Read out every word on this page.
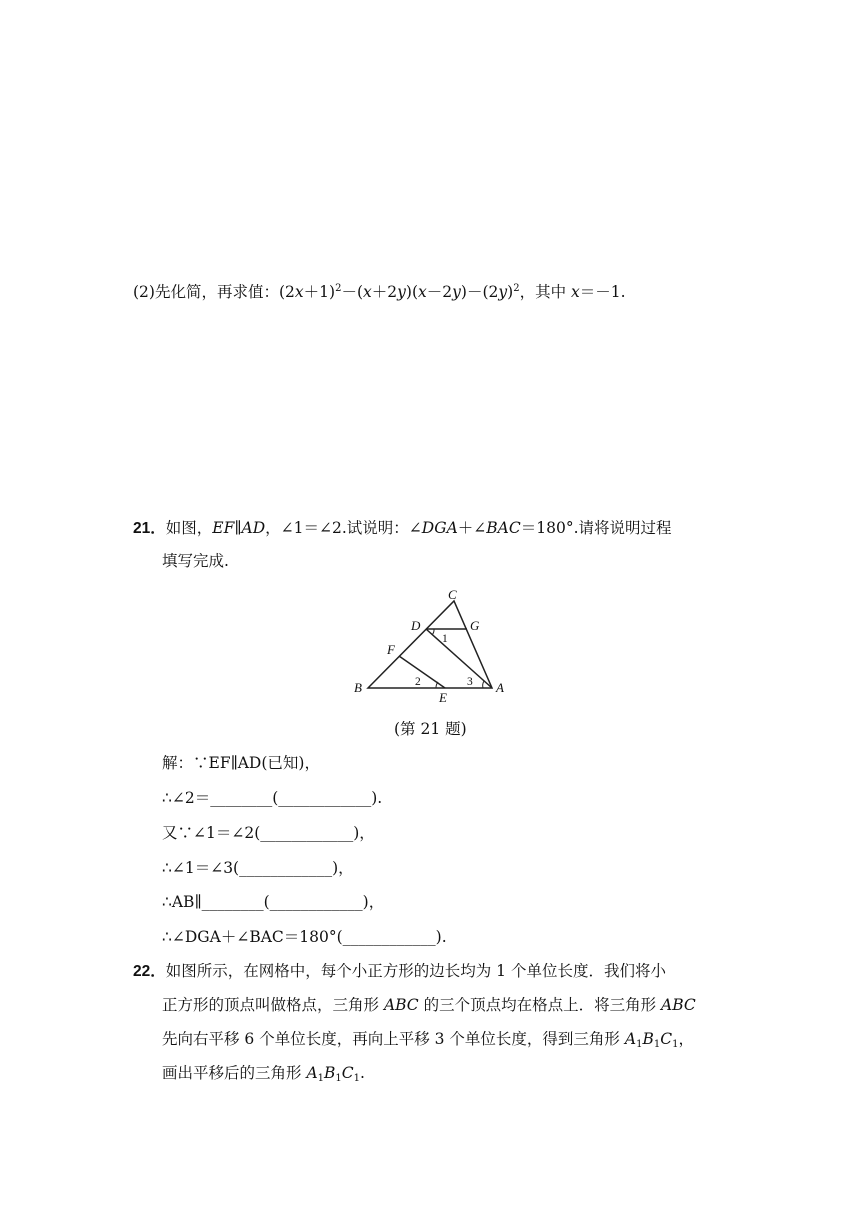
(2)先化简，再求值：$(2x+1)^2-(x+2y)(x-2y)-(2y)^2$，其中 x＝－1.
21．如图，EF∥AD，∠1＝∠2.试说明：∠DGA＋∠BAC＝180°.请将说明过程
填写完成.
C
D	G
F
B
E
A
1
2	3
(第 21 题)
解：∵EF∥AD(已知)，
∴∠2＝________(____________).
又∵∠1＝∠2(____________)，
∴∠1＝∠3(____________)，
∴AB∥________(____________)，
∴∠DGA＋∠BAC＝180°(____________).
22．如图所示，在网格中，每个小正方形的边长均为 1 个单位长度．我们将小
正方形的顶点叫做格点，三角形 ABC 的三个顶点均在格点上．将三角形 ABC
先向右平移 6 个单位长度，再向上平移 3 个单位长度，得到三角形 $A_1B_1C_1$，
画出平移后的三角形 $A_1B_1C_1$.
